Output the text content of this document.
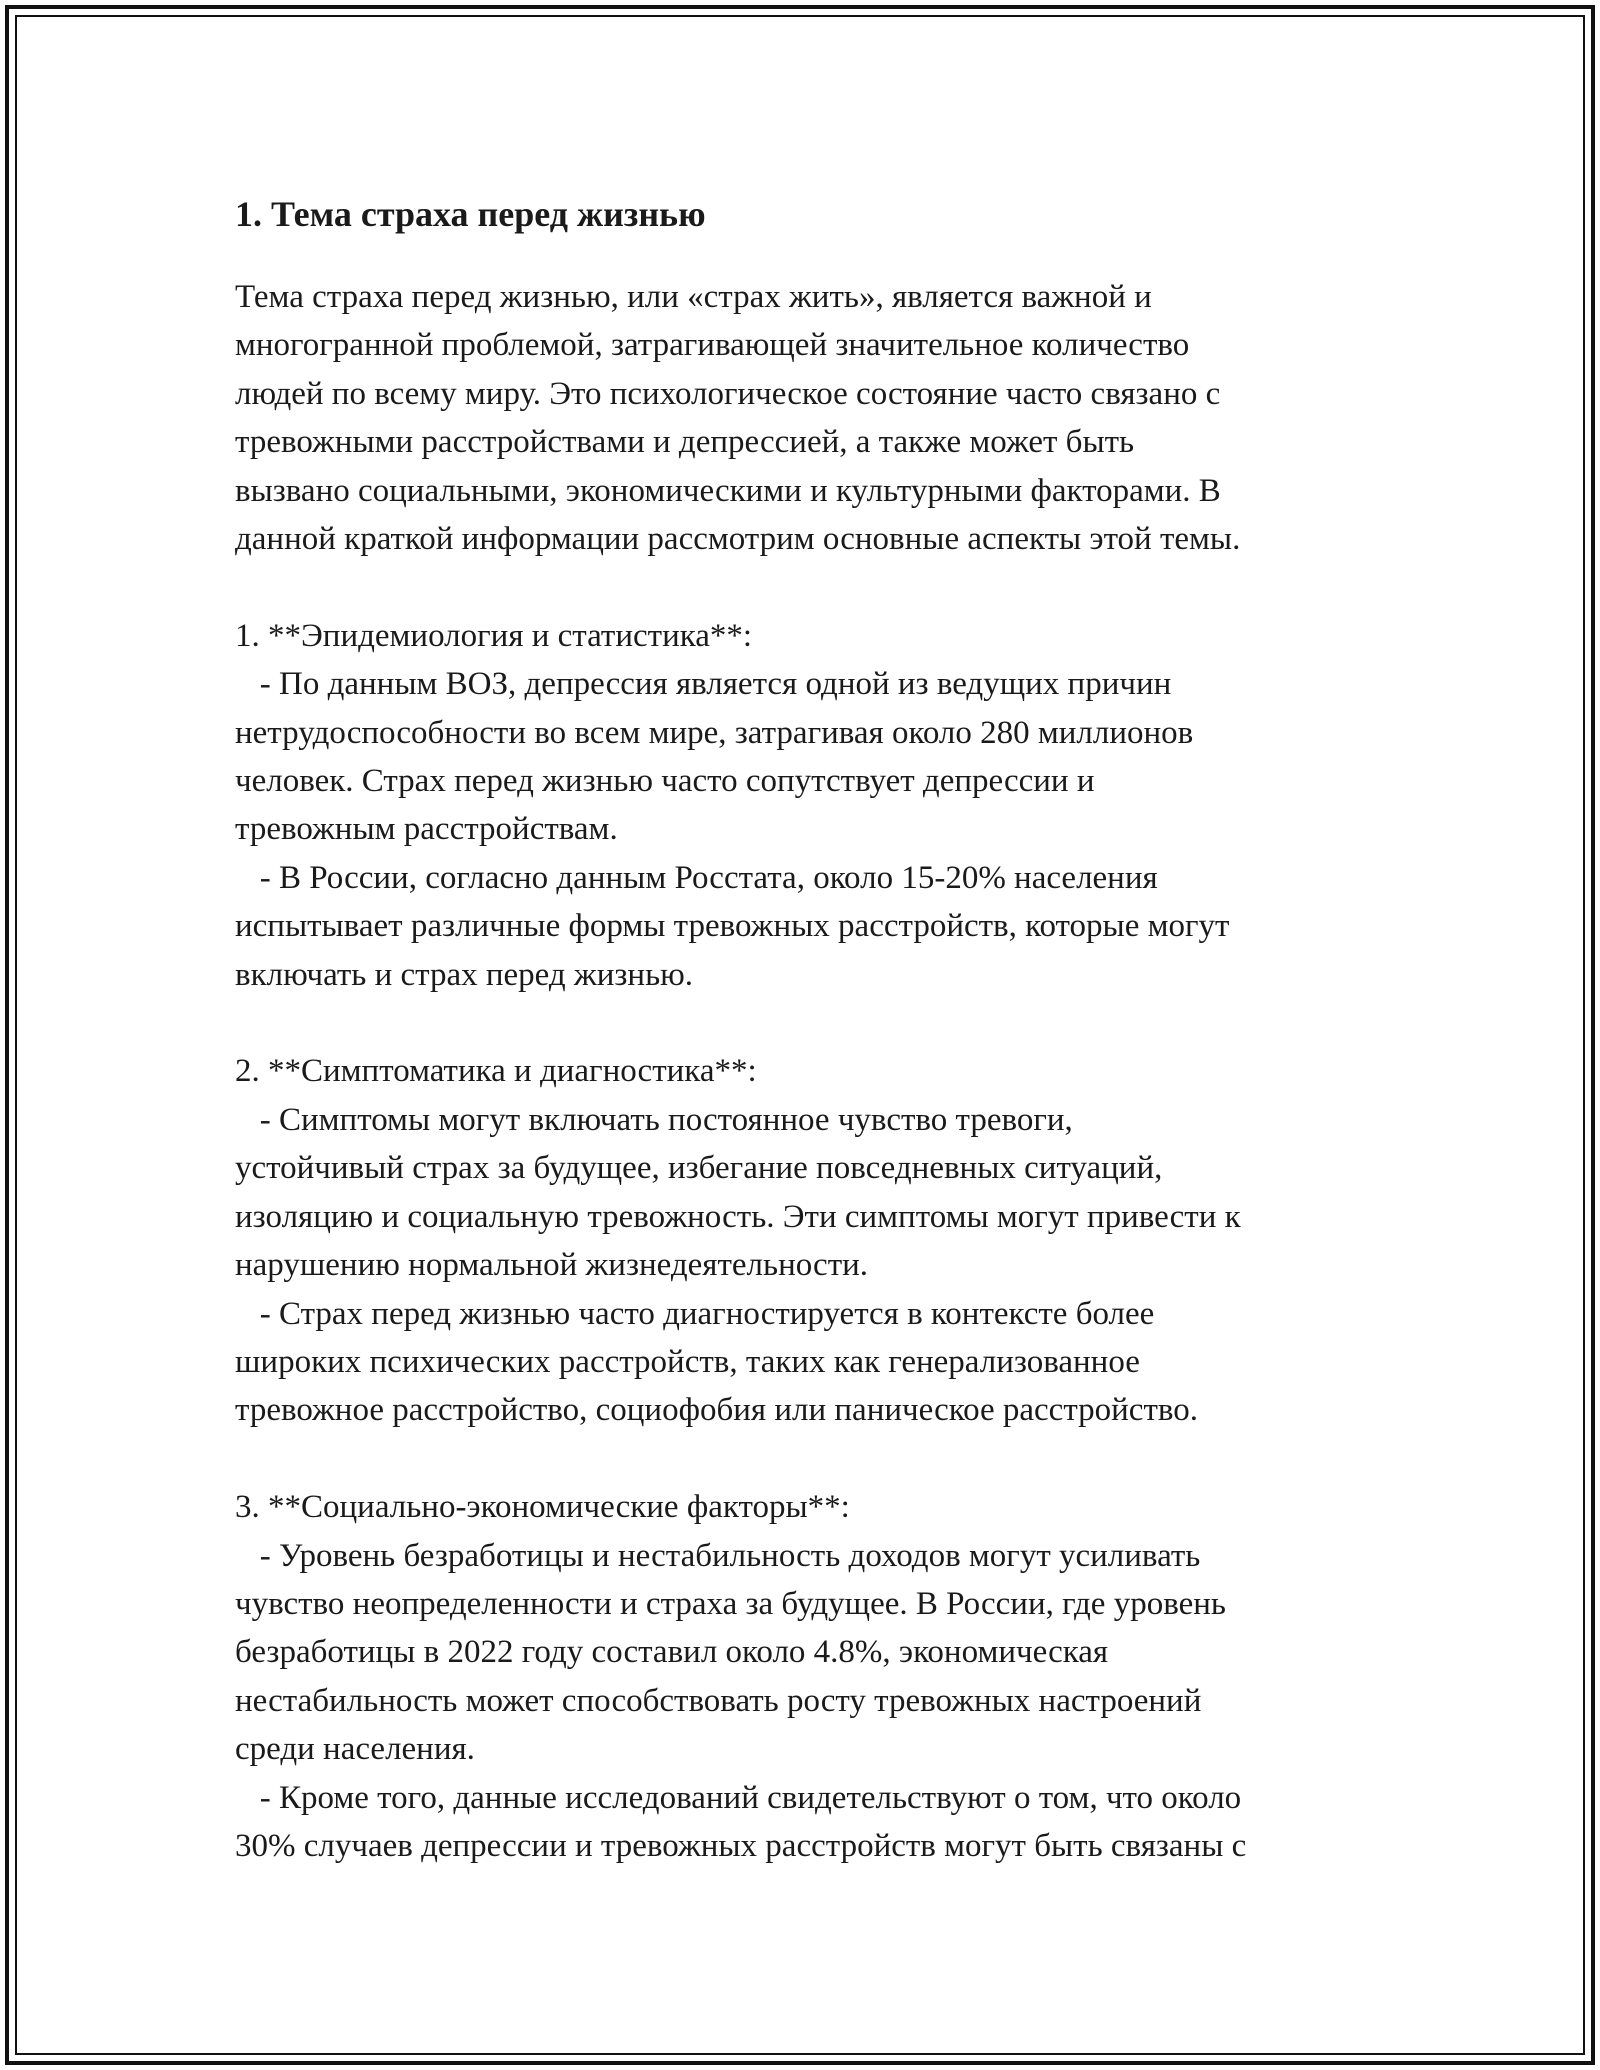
1. Тема страха перед жизнью

Тема страха перед жизнью, или «страх жить», является важной и
многогранной проблемой, затрагивающей значительное количество
людей по всему миру. Это психологическое состояние часто связано с
тревожными расстройствами и депрессией, а также может быть
вызвано социальными, экономическими и культурными факторами. В
данной краткой информации рассмотрим основные аспекты этой темы.

1. **Эпидемиология и статистика**:

- По данным ВОЗ, депрессия является одной из ведущих причин
нетрудоспособности во всем мире, затрагивая около 280 миллионов
человек. Страх перед жизнью часто сопутствует депрессии и
тревожным расстройствам.

- В России, согласно данным Росстата, около 15-20% населения
испытывает различные формы тревожных расстройств, которые могут
включать и страх перед жизнью.

2. **Симптоматика и диагностика**:

- Симптомы могут включать постоянное чувство тревоги,
устойчивый страх за будущее, избегание повседневных ситуаций,
изоляцию и социальную тревожность. Эти симптомы могут привести к
нарушению нормальной жизнедеятельности.

- Страх перед жизнью часто диагностируется в контексте более
широких психических расстройств, таких как генерализованное
тревожное расстройство, социофобия или паническое расстройство.

3. **Социально-экономические факторы**:

- Уровень безработицы и нестабильность доходов могут усиливать
чувство неопределенности и страха за будущее. В России, где уровень
безработицы в 2022 году составил около 4.8%, экономическая
нестабильность может способствовать росту тревожных настроений
среди населения.

- Кроме того, данные исследований свидетельствуют о том, что около
30% случаев депрессии и тревожных расстройств могут быть связаны с
